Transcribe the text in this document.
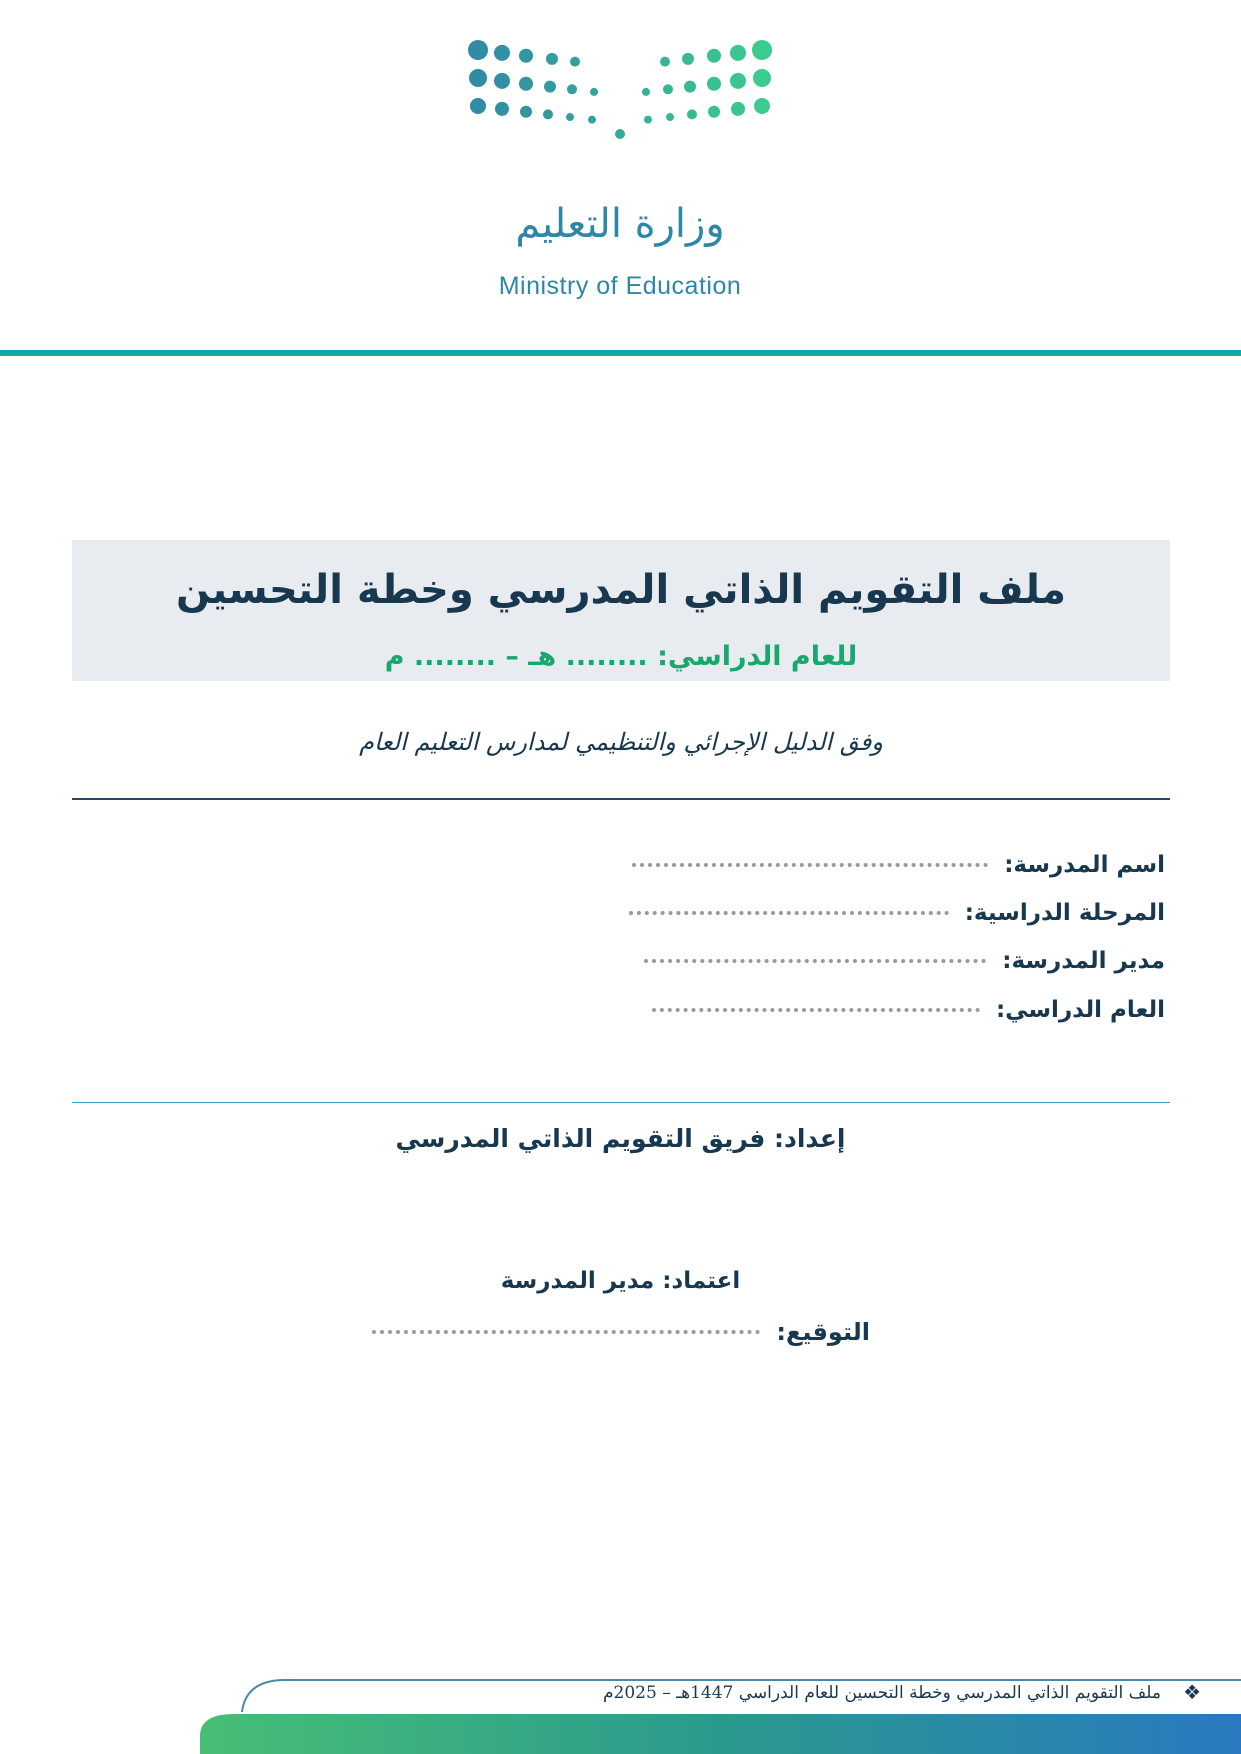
وزارة التعليم
Ministry of Education
ملف التقويم الذاتي المدرسي وخطة التحسين
للعام الدراسي: ........ هـ – ........ م
وفق الدليل الإجرائي والتنظيمي لمدارس التعليم العام
اسم المدرسة:
المرحلة الدراسية:
مدير المدرسة:
العام الدراسي:
إعداد: فريق التقويم الذاتي المدرسي
اعتماد: مدير المدرسة
التوقيع:
❖
ملف التقويم الذاتي المدرسي وخطة التحسين للعام الدراسي 1447هـ – 2025م
